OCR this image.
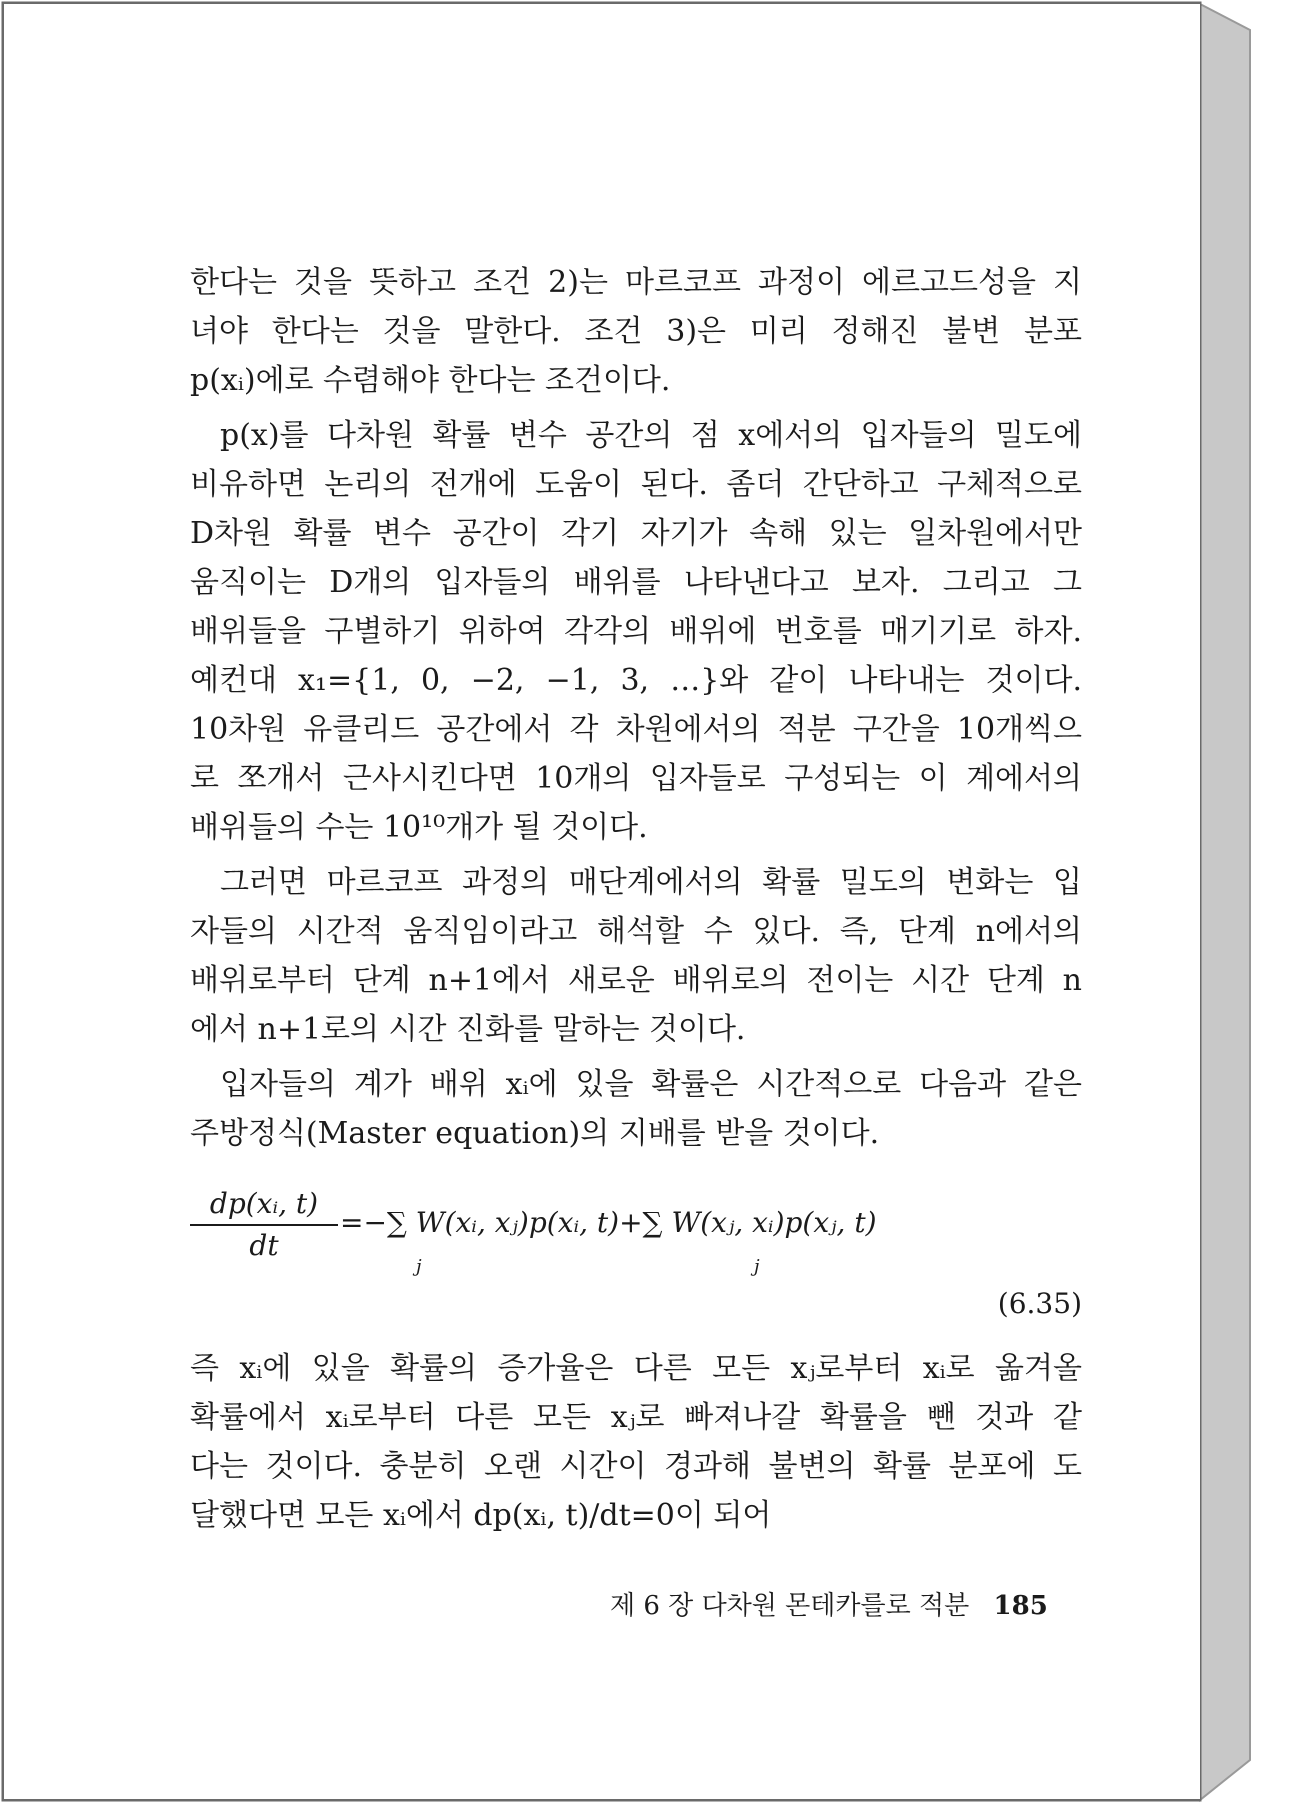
한다는 것을 뜻하고 조건 2)는 마르코프 과정이 에르고드성을 지
녀야 한다는 것을 말한다. 조건 3)은 미리 정해진 불변 분포
p(xᵢ)에로 수렴해야 한다는 조건이다.
p(x)를 다차원 확률 변수 공간의 점 x에서의 입자들의 밀도에
비유하면 논리의 전개에 도움이 된다. 좀더 간단하고 구체적으로
D차원 확률 변수 공간이 각기 자기가 속해 있는 일차원에서만
움직이는 D개의 입자들의 배위를 나타낸다고 보자. 그리고 그
배위들을 구별하기 위하여 각각의 배위에 번호를 매기기로 하자.
예컨대 x₁={1, 0, −2, −1, 3, …}와 같이 나타내는 것이다.
10차원 유클리드 공간에서 각 차원에서의 적분 구간을 10개씩으
로 쪼개서 근사시킨다면 10개의 입자들로 구성되는 이 계에서의
배위들의 수는 10¹⁰개가 될 것이다.
그러면 마르코프 과정의 매단계에서의 확률 밀도의 변화는 입
자들의 시간적 움직임이라고 해석할 수 있다. 즉, 단계 n에서의
배위로부터 단계 n+1에서 새로운 배위로의 전이는 시간 단계 n
에서 n+1로의 시간 진화를 말하는 것이다.
입자들의 계가 배위 xᵢ에 있을 확률은 시간적으로 다음과 같은
주방정식(Master equation)의 지배를 받을 것이다.
dp(xᵢ, t)
dt
=−∑ W(xᵢ, xⱼ)p(xᵢ, t)+∑ W(xⱼ, xᵢ)p(xⱼ, t)
j	j
(6.35)
즉 xᵢ에 있을 확률의 증가율은 다른 모든 xⱼ로부터 xᵢ로 옮겨올
확률에서 xᵢ로부터 다른 모든 xⱼ로 빠져나갈 확률을 뺀 것과 같
다는 것이다. 충분히 오랜 시간이 경과해 불변의 확률 분포에 도
달했다면 모든 xᵢ에서 dp(xᵢ, t)/dt=0이 되어
제 6 장 다차원 몬테카를로 적분 185
